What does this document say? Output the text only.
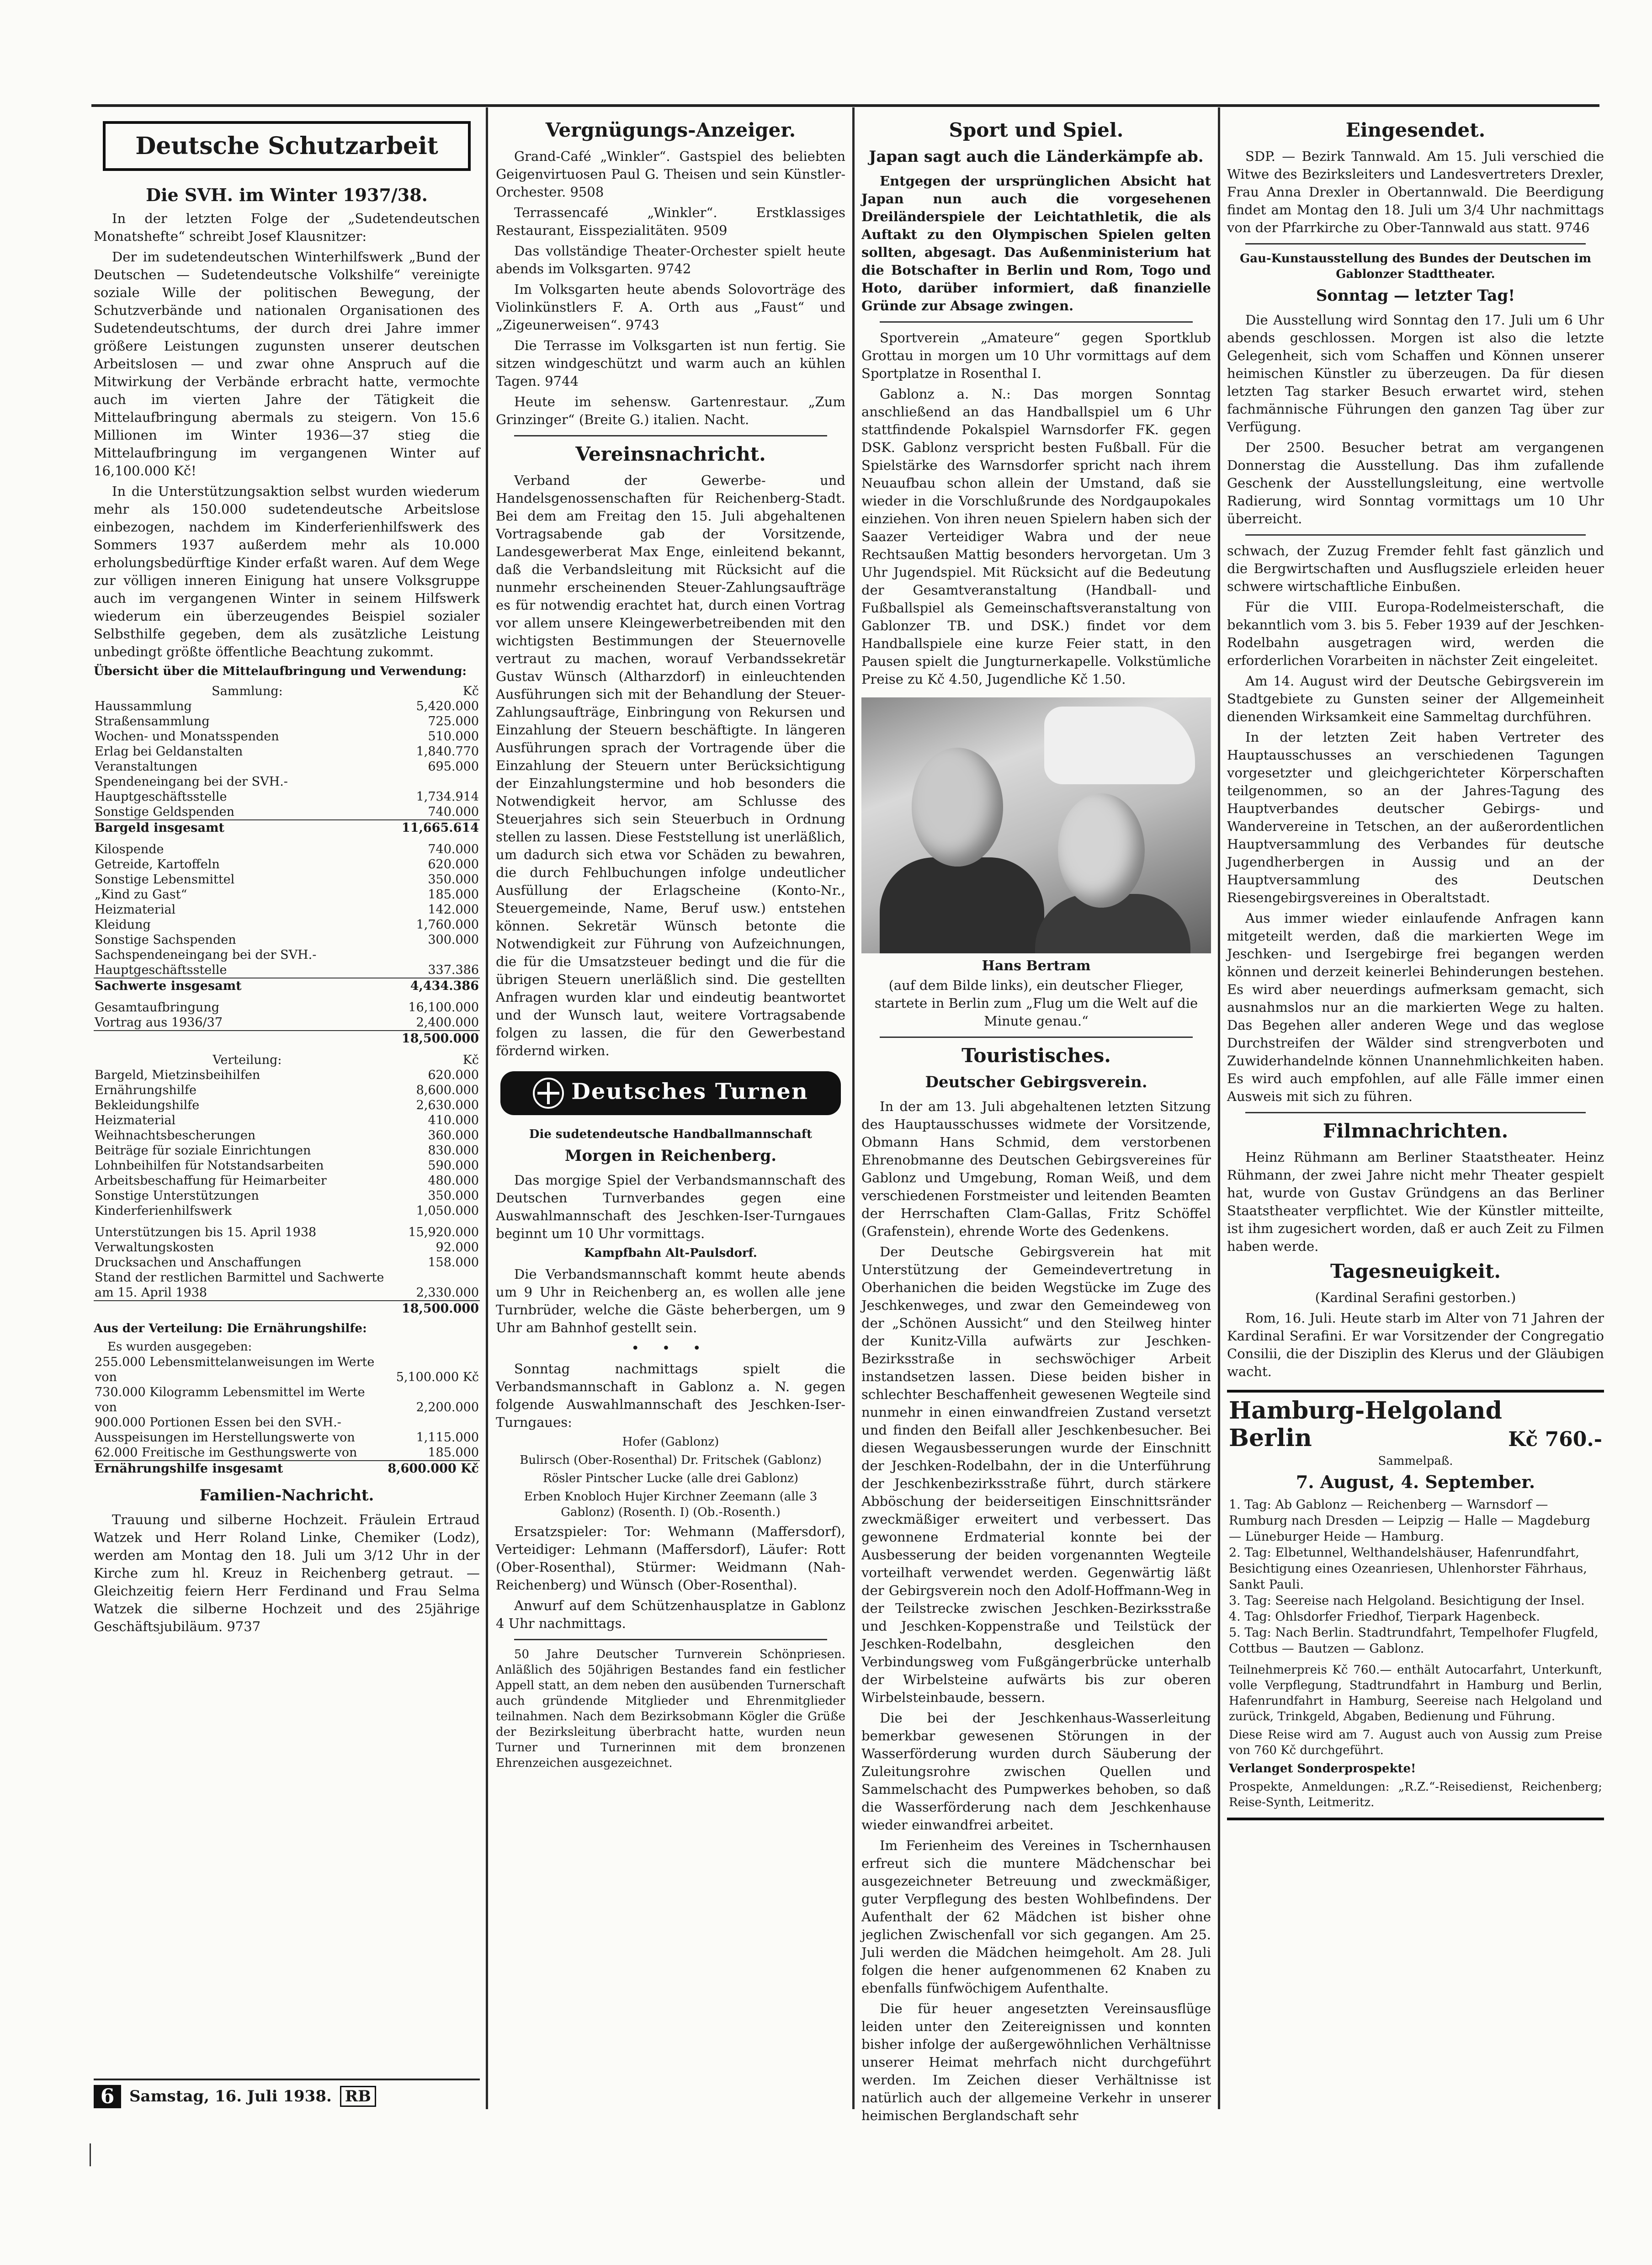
Deutsche Schutzarbeit
Die SVH. im Winter 1937/38.

In der letzten Folge der „Sudetendeutschen Monatshefte“ schreibt Josef Klausnitzer:

Der im sudetendeutschen Winterhilfswerk „Bund der Deutschen — Sudetendeutsche Volkshilfe“ vereinigte soziale Wille der politischen Bewegung, der Schutzverbände und nationalen Organisationen des Sudetendeutschtums, der durch drei Jahre immer größere Leistungen zugunsten unserer deutschen Arbeitslosen — und zwar ohne Anspruch auf die Mitwirkung der Verbände erbracht hatte, vermochte auch im vierten Jahre der Tätigkeit die Mittelaufbringung abermals zu steigern. Von 15.6 Millionen im Winter 1936—37 stieg die Mittelaufbringung im vergangenen Winter auf 16,100.000 Kč!

In die Unterstützungsaktion selbst wurden wiederum mehr als 150.000 sudetendeutsche Arbeitslose einbezogen, nachdem im Kinderferienhilfswerk des Sommers 1937 außerdem mehr als 10.000 erholungsbedürftige Kinder erfaßt waren. Auf dem Wege zur völligen inneren Einigung hat unsere Volksgruppe auch im vergangenen Winter in seinem Hilfswerk wiederum ein überzeugendes Beispiel sozialer Selbsthilfe gegeben, dem als zusätzliche Leistung unbedingt größte öffentliche Beachtung zukommt.

Übersicht über die Mittelaufbringung und Verwendung:
Sammlung:	Kč
Haussammlung	5,420.000
Straßensammlung	725.000
Wochen- und Monatsspenden	510.000
Erlag bei Geldanstalten	1,840.770
Veranstaltungen	695.000
Spendeneingang bei der SVH.-Hauptgeschäftsstelle	1,734.914
Sonstige Geldspenden	740.000
Bargeld insgesamt	11,665.614

Kilospende	740.000
Getreide, Kartoffeln	620.000
Sonstige Lebensmittel	350.000
„Kind zu Gast“	185.000
Heizmaterial	142.000
Kleidung	1,760.000
Sonstige Sachspenden	300.000
Sachspendeneingang bei der SVH.-Hauptgeschäftsstelle	337.386
Sachwerte insgesamt	4,434.386

Gesamtaufbringung	16,100.000
Vortrag aus 1936/37	2,400.000
	18,500.000

Verteilung:	Kč
Bargeld, Mietzinsbeihilfen	620.000
Ernährungshilfe	8,600.000
Bekleidungshilfe	2,630.000
Heizmaterial	410.000
Weihnachtsbescherungen	360.000
Beiträge für soziale Einrichtungen	830.000
Lohnbeihilfen für Notstandsarbeiten	590.000
Arbeitsbeschaffung für Heimarbeiter	480.000
Sonstige Unterstützungen	350.000
Kinderferienhilfswerk	1,050.000

Unterstützungen bis 15. April 1938	15,920.000
Verwaltungskosten	92.000
Drucksachen und Anschaffungen	158.000
Stand der restlichen Barmittel und Sachwerte am 15. April 1938	2,330.000
	18,500.000

Aus der Verteilung: Die Ernährungshilfe:

Es wurden ausgegeben:

255.000 Lebensmittelanweisungen im Werte von	5,100.000 Kč
730.000 Kilogramm Lebensmittel im Werte von	2,200.000
900.000 Portionen Essen bei den SVH.-Ausspeisungen im Herstellungswerte von	1,115.000
62.000 Freitische im Gesthungswerte von	185.000
Ernährungshilfe insgesamt	8,600.000 Kč
Familien-Nachricht.

Trauung und silberne Hochzeit. Fräulein Ertraud Watzek und Herr Roland Linke, Chemiker (Lodz), werden am Montag den 18. Juli um 3/12 Uhr in der Kirche zum hl. Kreuz in Reichenberg getraut. — Gleichzeitig feiern Herr Ferdinand und Frau Selma Watzek die silberne Hochzeit und des 25jährige Geschäftsjubiläum. 9737

6 Samstag, 16. Juli 1938. RB
Vergnügungs-Anzeiger.

Grand-Café „Winkler“. Gastspiel des beliebten Geigenvirtuosen Paul G. Theisen und sein Künstler-Orchester. 9508

Terrassencafé „Winkler“. Erstklassiges Restaurant, Eisspezialitäten. 9509

Das vollständige Theater-Orchester spielt heute abends im Volksgarten. 9742

Im Volksgarten heute abends Solovorträge des Violinkünstlers F. A. Orth aus „Faust“ und „Zigeunerweisen“. 9743

Die Terrasse im Volksgarten ist nun fertig. Sie sitzen windgeschützt und warm auch an kühlen Tagen. 9744

Heute im sehensw. Gartenrestaur. „Zum Grinzinger“ (Breite G.) italien. Nacht.

Vereinsnachricht.

Verband der Gewerbe- und Handelsgenossenschaften für Reichenberg-Stadt. Bei dem am Freitag den 15. Juli abgehaltenen Vortragsabende gab der Vorsitzende, Landesgewerberat Max Enge, einleitend bekannt, daß die Verbandsleitung mit Rücksicht auf die nunmehr erscheinenden Steuer-Zahlungsaufträge es für notwendig erachtet hat, durch einen Vortrag vor allem unsere Kleingewerbetreibenden mit den wichtigsten Bestimmungen der Steuernovelle vertraut zu machen, worauf Verbandssekretär Gustav Wünsch (Altharzdorf) in einleuchtenden Ausführungen sich mit der Behandlung der Steuer-Zahlungsaufträge, Einbringung von Rekursen und Einzahlung der Steuern beschäftigte. In längeren Ausführungen sprach der Vortragende über die Einzahlung der Steuern unter Berücksichtigung der Einzahlungstermine und hob besonders die Notwendigkeit hervor, am Schlusse des Steuerjahres sich sein Steuerbuch in Ordnung stellen zu lassen. Diese Feststellung ist unerläßlich, um dadurch sich etwa vor Schäden zu bewahren, die durch Fehlbuchungen infolge undeutlicher Ausfüllung der Erlagscheine (Konto-Nr., Steuergemeinde, Name, Beruf usw.) entstehen können. Sekretär Wünsch betonte die Notwendigkeit zur Führung von Aufzeichnungen, die für die Umsatzsteuer bedingt und die für die übrigen Steuern unerläßlich sind. Die gestellten Anfragen wurden klar und eindeutig beantwortet und der Wunsch laut, weitere Vortragsabende folgen zu lassen, die für den Gewerbestand fördernd wirken.

Deutsches Turnen
Die sudetendeutsche Handballmannschaft
Morgen in Reichenberg.

Das morgige Spiel der Verbandsmannschaft des Deutschen Turnverbandes gegen eine Auswahlmannschaft des Jeschken-Iser-Turngaues beginnt um 10 Uhr vormittags.

Kampfbahn Alt-Paulsdorf.

Die Verbandsmannschaft kommt heute abends um 9 Uhr in Reichenberg an, es wollen alle jene Turnbrüder, welche die Gäste beherbergen, um 9 Uhr am Bahnhof gestellt sein.

• • •

Sonntag nachmittags spielt die Verbandsmannschaft in Gablonz a. N. gegen folgende Auswahlmannschaft des Jeschken-Iser-Turngaues:

Hofer (Gablonz)
Bulirsch (Ober-Rosenthal) Dr. Fritschek (Gablonz)
Rösler Pintscher Lucke (alle drei Gablonz)
Erben Knobloch Hujer Kirchner Zeemann (alle 3 Gablonz) (Rosenth. I) (Ob.-Rosenth.)

Ersatzspieler: Tor: Wehmann (Maffersdorf), Verteidiger: Lehmann (Maffersdorf), Läufer: Rott (Ober-Rosenthal), Stürmer: Weidmann (Nah-Reichenberg) und Wünsch (Ober-Rosenthal).

Anwurf auf dem Schützenhausplatze in Gablonz 4 Uhr nachmittags.

50 Jahre Deutscher Turnverein Schönpriesen. Anläßlich des 50jährigen Bestandes fand ein festlicher Appell statt, an dem neben den ausübenden Turnerschaft auch gründende Mitglieder und Ehrenmitglieder teilnahmen. Nach dem Bezirksobmann Kögler die Grüße der Bezirksleitung überbracht hatte, wurden neun Turner und Turnerinnen mit dem bronzenen Ehrenzeichen ausgezeichnet.

Sport und Spiel.
Japan sagt auch die Länderkämpfe ab.

Entgegen der ursprünglichen Absicht hat Japan nun auch die vorgesehenen Dreiländerspiele der Leichtathletik, die als Auftakt zu den Olympischen Spielen gelten sollten, abgesagt. Das Außenministerium hat die Botschafter in Berlin und Rom, Togo und Hoto, darüber informiert, daß finanzielle Gründe zur Absage zwingen.

Sportverein „Amateure“ gegen Sportklub Grottau in morgen um 10 Uhr vormittags auf dem Sportplatze in Rosenthal I.

Gablonz a. N.: Das morgen Sonntag anschließend an das Handballspiel um 6 Uhr stattfindende Pokalspiel Warnsdorfer FK. gegen DSK. Gablonz verspricht besten Fußball. Für die Spielstärke des Warnsdorfer spricht nach ihrem Neuaufbau schon allein der Umstand, daß sie wieder in die Vorschlußrunde des Nordgaupokales einziehen. Von ihren neuen Spielern haben sich der Saazer Verteidiger Wabra und der neue Rechtsaußen Mattig besonders hervorgetan. Um 3 Uhr Jugendspiel. Mit Rücksicht auf die Bedeutung der Gesamtveranstaltung (Handball- und Fußballspiel als Gemeinschaftsveranstaltung von Gablonzer TB. und DSK.) findet vor dem Handballspiele eine kurze Feier statt, in den Pausen spielt die Jungturnerkapelle. Volkstümliche Preise zu Kč 4.50, Jugendliche Kč 1.50.

Hans Bertram

(auf dem Bilde links), ein deutscher Flieger, startete in Berlin zum „Flug um die Welt auf die Minute genau.“

Touristisches.
Deutscher Gebirgsverein.

In der am 13. Juli abgehaltenen letzten Sitzung des Hauptausschusses widmete der Vorsitzende, Obmann Hans Schmid, dem verstorbenen Ehrenobmanne des Deutschen Gebirgsvereines für Gablonz und Umgebung, Roman Weiß, und dem verschiedenen Forstmeister und leitenden Beamten der Herrschaften Clam-Gallas, Fritz Schöffel (Grafenstein), ehrende Worte des Gedenkens.

Der Deutsche Gebirgsverein hat mit Unterstützung der Gemeindevertretung in Oberhanichen die beiden Wegstücke im Zuge des Jeschkenweges, und zwar den Gemeindeweg von der „Schönen Aussicht“ und den Steilweg hinter der Kunitz-Villa aufwärts zur Jeschken-Bezirksstraße in sechswöchiger Arbeit instandsetzen lassen. Diese beiden bisher in schlechter Beschaffenheit gewesenen Wegteile sind nunmehr in einen einwandfreien Zustand versetzt und finden den Beifall aller Jeschkenbesucher. Bei diesen Wegausbesserungen wurde der Einschnitt der Jeschken-Rodelbahn, der in die Unterführung der Jeschkenbezirksstraße führt, durch stärkere Abböschung der beiderseitigen Einschnittsränder zweckmäßiger erweitert und verbessert. Das gewonnene Erdmaterial konnte bei der Ausbesserung der beiden vorgenannten Wegteile vorteilhaft verwendet werden. Gegenwärtig läßt der Gebirgsverein noch den Adolf-Hoffmann-Weg in der Teilstrecke zwischen Jeschken-Bezirksstraße und Jeschken-Koppenstraße und Teilstück der Jeschken-Rodelbahn, desgleichen den Verbindungsweg vom Fußgängerbrücke unterhalb der Wirbelsteine aufwärts bis zur oberen Wirbelsteinbaude, bessern.

Die bei der Jeschkenhaus-Wasserleitung bemerkbar gewesenen Störungen in der Wasserförderung wurden durch Säuberung der Zuleitungsrohre zwischen Quellen und Sammelschacht des Pumpwerkes behoben, so daß die Wasserförderung nach dem Jeschkenhause wieder einwandfrei arbeitet.

Im Ferienheim des Vereines in Tschernhausen erfreut sich die muntere Mädchenschar bei ausgezeichneter Betreuung und zweckmäßiger, guter Verpflegung des besten Wohlbefindens. Der Aufenthalt der 62 Mädchen ist bisher ohne jeglichen Zwischenfall vor sich gegangen. Am 25. Juli werden die Mädchen heimgeholt. Am 28. Juli folgen die hener aufgenommenen 62 Knaben zu ebenfalls fünfwöchigem Aufenthalte.

Die für heuer angesetzten Vereinsausflüge leiden unter den Zeitereignissen und konnten bisher infolge der außergewöhnlichen Verhältnisse unserer Heimat mehrfach nicht durchgeführt werden. Im Zeichen dieser Verhältnisse ist natürlich auch der allgemeine Verkehr in unserer heimischen Berglandschaft sehr

Eingesendet.

SDP. — Bezirk Tannwald. Am 15. Juli verschied die Witwe des Bezirksleiters und Landesvertreters Drexler, Frau Anna Drexler in Obertannwald. Die Beerdigung findet am Montag den 18. Juli um 3/4 Uhr nachmittags von der Pfarrkirche zu Ober-Tannwald aus statt. 9746

Gau-Kunstausstellung des Bundes der Deutschen im Gablonzer Stadttheater.
Sonntag — letzter Tag!

Die Ausstellung wird Sonntag den 17. Juli um 6 Uhr abends geschlossen. Morgen ist also die letzte Gelegenheit, sich vom Schaffen und Können unserer heimischen Künstler zu überzeugen. Da für diesen letzten Tag starker Besuch erwartet wird, stehen fachmännische Führungen den ganzen Tag über zur Verfügung.

Der 2500. Besucher betrat am vergangenen Donnerstag die Ausstellung. Das ihm zufallende Geschenk der Ausstellungsleitung, eine wertvolle Radierung, wird Sonntag vormittags um 10 Uhr überreicht.

schwach, der Zuzug Fremder fehlt fast gänzlich und die Bergwirtschaften und Ausflugsziele erleiden heuer schwere wirtschaftliche Einbußen.

Für die VIII. Europa-Rodelmeisterschaft, die bekanntlich vom 3. bis 5. Feber 1939 auf der Jeschken-Rodelbahn ausgetragen wird, werden die erforderlichen Vorarbeiten in nächster Zeit eingeleitet.

Am 14. August wird der Deutsche Gebirgsverein im Stadtgebiete zu Gunsten seiner der Allgemeinheit dienenden Wirksamkeit eine Sammeltag durchführen.

In der letzten Zeit haben Vertreter des Hauptausschusses an verschiedenen Tagungen vorgesetzter und gleichgerichteter Körperschaften teilgenommen, so an der Jahres-Tagung des Hauptverbandes deutscher Gebirgs- und Wandervereine in Tetschen, an der außerordentlichen Hauptversammlung des Verbandes für deutsche Jugendherbergen in Aussig und an der Hauptversammlung des Deutschen Riesengebirgsvereines in Oberaltstadt.

Aus immer wieder einlaufende Anfragen kann mitgeteilt werden, daß die markierten Wege im Jeschken- und Isergebirge frei begangen werden können und derzeit keinerlei Behinderungen bestehen. Es wird aber neuerdings aufmerksam gemacht, sich ausnahmslos nur an die markierten Wege zu halten. Das Begehen aller anderen Wege und das weglose Durchstreifen der Wälder sind strengverboten und Zuwiderhandelnde können Unannehmlichkeiten haben. Es wird auch empfohlen, auf alle Fälle immer einen Ausweis mit sich zu führen.

Filmnachrichten.

Heinz Rühmann am Berliner Staatstheater. Heinz Rühmann, der zwei Jahre nicht mehr Theater gespielt hat, wurde von Gustav Gründgens an das Berliner Staatstheater verpflichtet. Wie der Künstler mitteilte, ist ihm zugesichert worden, daß er auch Zeit zu Filmen haben werde.

Tagesneuigkeit.
(Kardinal Serafini gestorben.)

Rom, 16. Juli. Heute starb im Alter von 71 Jahren der Kardinal Serafini. Er war Vorsitzender der Congregatio Consilii, die der Disziplin des Klerus und der Gläubigen wacht.

Hamburg-Helgoland
Berlin	Kč 760.-
Sammelpaß.
7. August, 4. September.
1. Tag: Ab Gablonz — Reichenberg — Warnsdorf — Rumburg nach Dresden — Leipzig — Halle — Magdeburg — Lüneburger Heide — Hamburg.
2. Tag: Elbetunnel, Welthandelshäuser, Hafenrundfahrt, Besichtigung eines Ozeanriesen, Uhlenhorster Fährhaus, Sankt Pauli.
3. Tag: Seereise nach Helgoland. Besichtigung der Insel.
4. Tag: Ohlsdorfer Friedhof, Tierpark Hagenbeck.
5. Tag: Nach Berlin. Stadtrundfahrt, Tempelhofer Flugfeld, Cottbus — Bautzen — Gablonz.

Teilnehmerpreis Kč 760.— enthält Autocarfahrt, Unterkunft, volle Verpflegung, Stadtrundfahrt in Hamburg und Berlin, Hafenrundfahrt in Hamburg, Seereise nach Helgoland und zurück, Trinkgeld, Abgaben, Bedienung und Führung.

Diese Reise wird am 7. August auch von Aussig zum Preise von 760 Kč durchgeführt.

Verlanget Sonderprospekte!

Prospekte, Anmeldungen: „R.Z.“-Reisedienst, Reichenberg; Reise-Synth, Leitmeritz.
